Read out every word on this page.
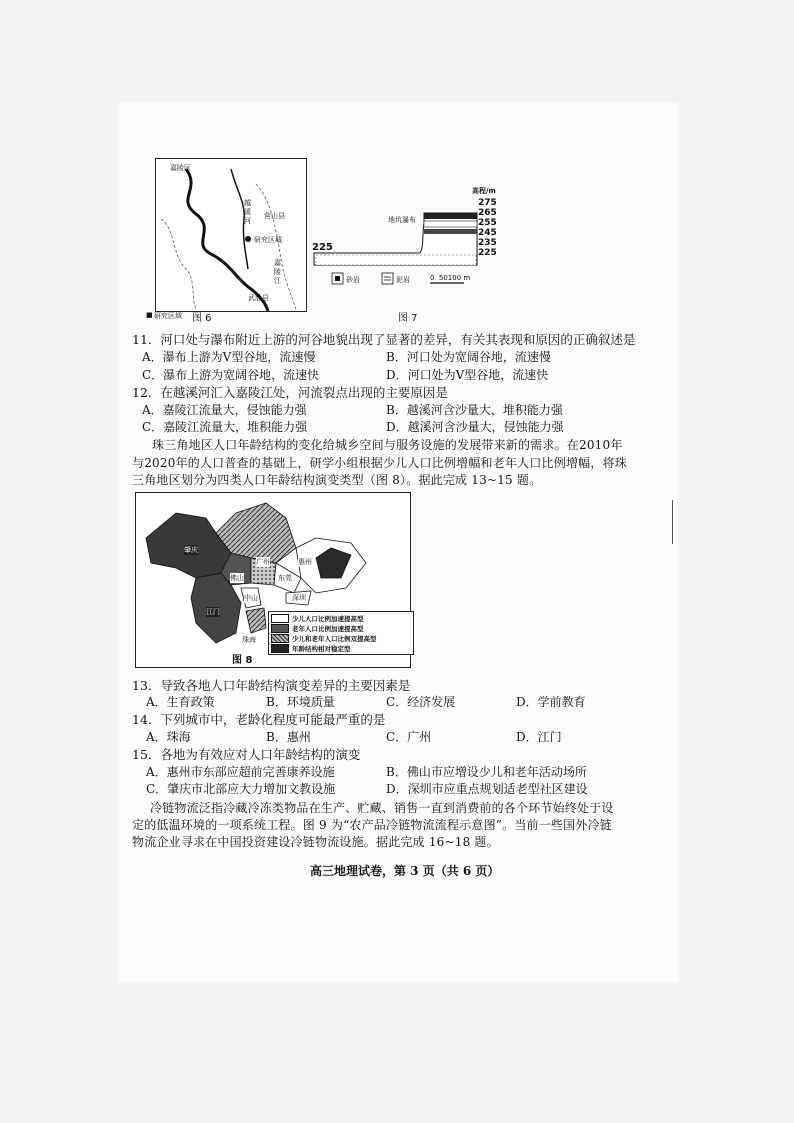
嘉陵区
越溪河
营山县
研究区城
嘉陵江
武胜县
■ 研究区域 图 6
地坑瀑布
砂岩	泥岩	0  50100 m
高程/m
275
265
255
245
235
225
225
图 7
11．河口处与瀑布附近上游的河谷地貌出现了显著的差异，有关其表现和原因的正确叙述是
A．瀑布上游为V型谷地，流速慢	B．河口处为宽阔谷地，流速慢
C．瀑布上游为宽阔谷地，流速快	D．河口处为V型谷地，流速快
12．在越溪河汇入嘉陵江处，河流裂点出现的主要原因是
A．嘉陵江流量大，侵蚀能力强	B．越溪河含沙量大，堆积能力强
C．嘉陵江流量大，堆积能力强	D．越溪河含沙量大，侵蚀能力强
珠三角地区人口年龄结构的变化给城乡空间与服务设施的发展带来新的需求。在2010年
与2020年的人口普查的基础上，研学小组根据少儿人口比例增幅和老年人口比例增幅，将珠
三角地区划分为四类人口年龄结构演变类型（图 8）。据此完成 13~15 题。
肇庆
广州	惠州
佛山	东莞
深圳
中山
江门
珠海
少儿人口比例加速提高型
老年人口比例加速提高型
少儿和老年人口比例双提高型
年龄结构相对稳定型
图 8
13．导致各地人口年龄结构演变差异的主要因素是
A．生育政策	B．环境质量	C．经济发展	D．学前教育
14．下列城市中，老龄化程度可能最严重的是
A．珠海	B．惠州	C．广州	D．江门
15．各地为有效应对人口年龄结构的演变
A．惠州市东部应超前完善康养设施	B．佛山市应增设少儿和老年活动场所
C．肇庆市北部应大力增加文教设施	D．深圳市应重点规划适老型社区建设
冷链物流泛指冷藏冷冻类物品在生产、贮藏、销售一直到消费前的各个环节始终处于设
定的低温环境的一项系统工程。图 9 为“农产品冷链物流流程示意图”。当前一些国外冷链
物流企业寻求在中国投资建设冷链物流设施。据此完成 16~18 题。
高三地理试卷，第 3 页（共 6 页）
